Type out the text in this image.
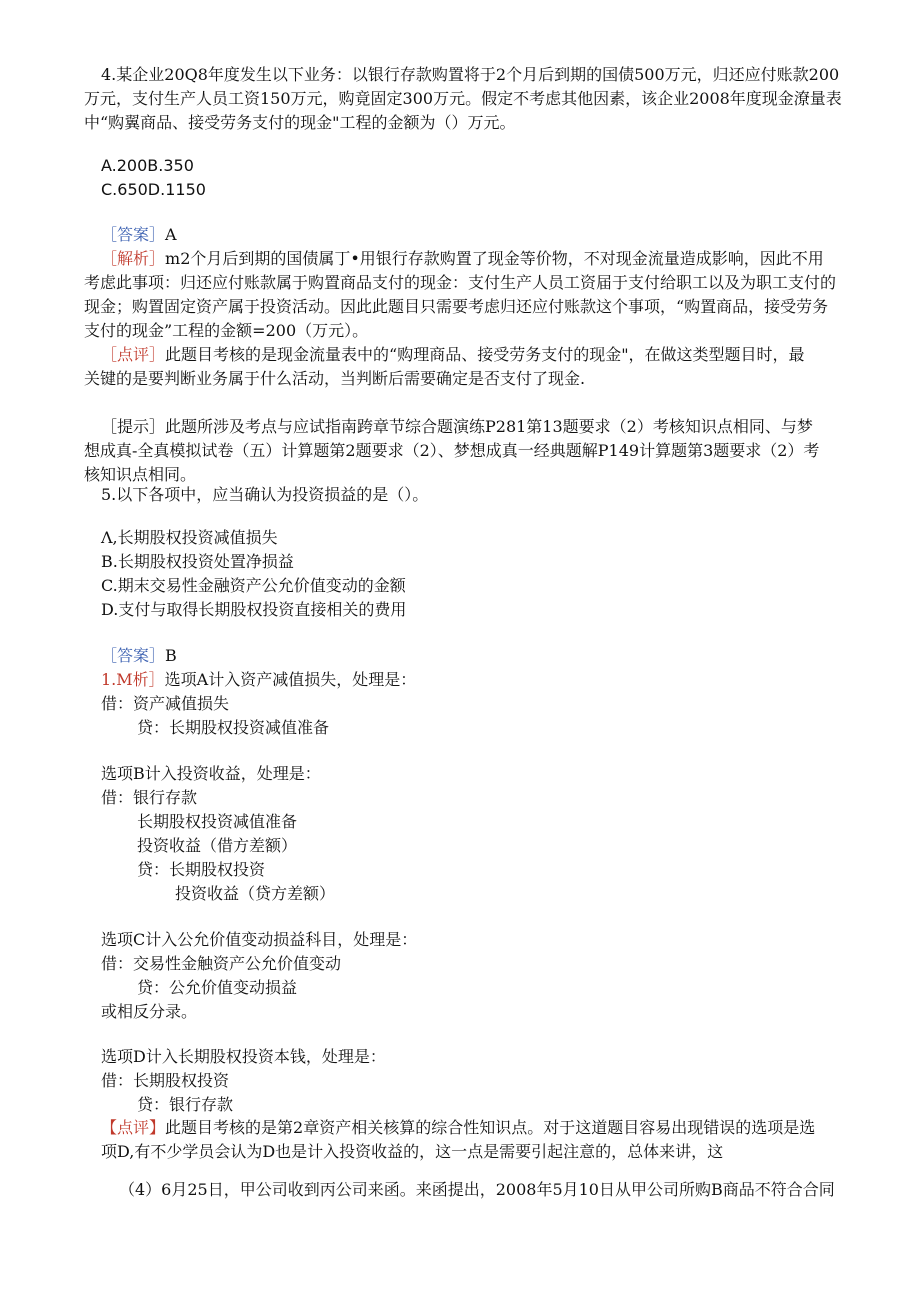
4.某企业20Q8年度发生以下业务：以银行存款购置将于2个月后到期的国债500万元，归还应付账款200
万元，支付生产人员工资150万元，购竟固定300万元。假定不考虑其他因素，该企业2008年度现金潦量表
中“购翼商品、接受劳务支付的现金"工程的金额为（）万元。
A.200B.350
C.650D.1150
［答案］A
［解析］m2个月后到期的国债属丁•用银行存款购置了现金等价物，不对现金流量造成影响，因此不用
考虑此事项：归还应付账款属于购置商品支付的现金：支付生产人员工资届于支付给职工以及为职工支付的
现金；购置固定资产属于投资活动。因此此题目只需要考虑归还应付账款这个事项，“购置商品，接受劳务
支付的现金”工程的金额=200（万元）。
［点评］此题目考核的是现金流量表中的“购理商品、接受劳务支付的现金"，在做这类型题目时，最
关键的是要判断业务属于什么活动，当判断后需要确定是否支付了现金.
［提示］此题所涉及考点与应试指南跨章节综合题演练P281第13题要求（2）考核知识点相同、与梦
想成真-全真模拟试卷（五）计算题第2题要求（2）、梦想成真一经典题解P149计算题第3题要求（2）考
核知识点相同。
5.以下各项中，应当确认为投资损益的是（）。
Λ,长期股权投资减值损失
B.长期股权投资处置净损益
C.期末交易性金融资产公允价值变动的金额
D.支付与取得长期股权投资直接相关的费用
［答案］B
1.M析］选项A计入资产减值损失，处理是：
借：资产减值损失
贷：长期股权投资减值准备
选项B计入投资收益，处理是：
借：银行存款
长期股权投资减值准备
投资收益（借方差额）
贷：长期股权投资
投资收益（贷方差额）
选项C计入公允价值变动损益科目，处理是：
借：交易性金触资产公允价值变动
贷：公允价值变动损益
或相反分录。
选项D计入长期股权投资本钱，处理是：
借：长期股权投资
贷：银行存款
【点评】此题目考核的是第2章资产相关核算的综合性知识点。对于这道题目容易出现错误的选项是选
项D,有不少学员会认为D也是计入投资收益的，这一点是需要引起注意的，总体来讲，这
（4）6月25日，甲公司收到丙公司来函。来函提出，2008年5月10日从甲公司所购B商品不符合合同
